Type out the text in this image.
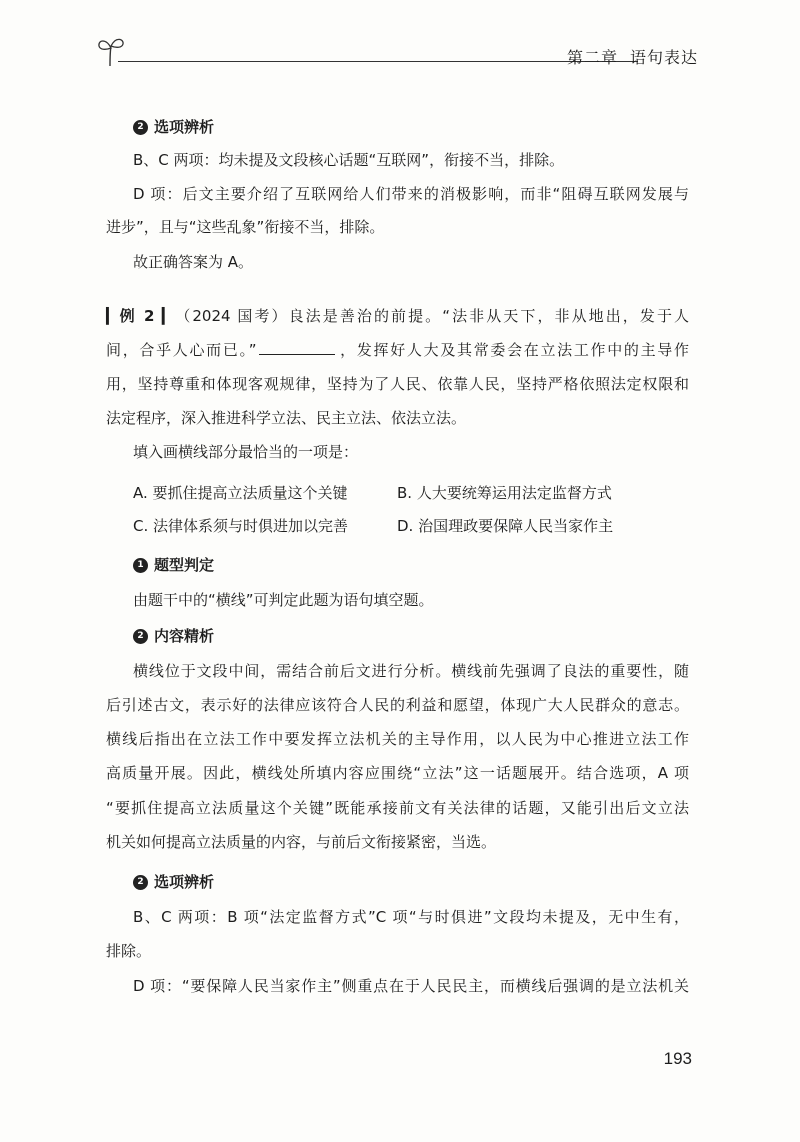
第二章 语句表达
2 选项辨析
B、C 两项：均未提及文段核心话题“互联网”，衔接不当，排除。
D 项：后文主要介绍了互联网给人们带来的消极影响，而非“阻碍互联网发展与
进步”，且与“这些乱象”衔接不当，排除。
故正确答案为 A。
▎例 2 ▎（2024 国考）良法是善治的前提。“法非从天下，非从地出，发于人
间，合乎人心而已。”	，发挥好人大及其常委会在立法工作中的主导作
用，坚持尊重和体现客观规律，坚持为了人民、依靠人民，坚持严格依照法定权限和
法定程序，深入推进科学立法、民主立法、依法立法。
填入画横线部分最恰当的一项是：
A. 要抓住提高立法质量这个关键	B. 人大要统筹运用法定监督方式
C. 法律体系须与时俱进加以完善	D. 治国理政要保障人民当家作主
1 题型判定
由题干中的“横线”可判定此题为语句填空题。
2 内容精析
横线位于文段中间，需结合前后文进行分析。横线前先强调了良法的重要性，随
后引述古文，表示好的法律应该符合人民的利益和愿望，体现广大人民群众的意志。
横线后指出在立法工作中要发挥立法机关的主导作用，以人民为中心推进立法工作
高质量开展。因此，横线处所填内容应围绕“立法”这一话题展开。结合选项，A 项
“要抓住提高立法质量这个关键”既能承接前文有关法律的话题，又能引出后文立法
机关如何提高立法质量的内容，与前后文衔接紧密，当选。
2 选项辨析
B、C 两项：B 项“法定监督方式”C 项“与时俱进”文段均未提及，无中生有，
排除。
D 项：“要保障人民当家作主”侧重点在于人民民主，而横线后强调的是立法机关
193
